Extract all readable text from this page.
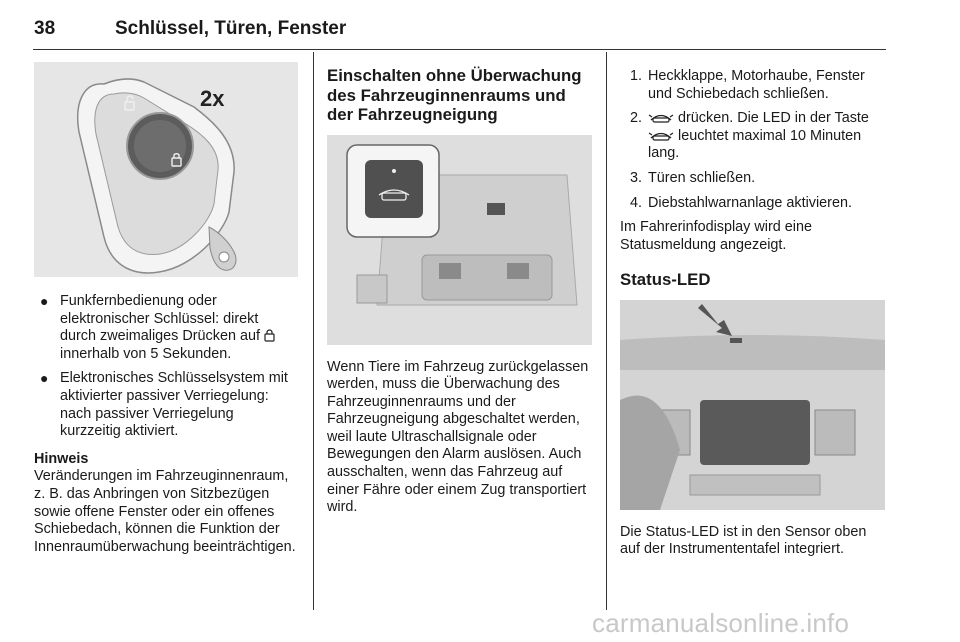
38	Schlüssel, Türen, Fenster
2x
● Funkfernbedienung oder elektronischer Schlüssel: direkt durch zweimaliges Drücken auf  innerhalb von 5 Sekunden.
● Elektronisches Schlüsselsystem mit aktivierter passiver Verriegelung: nach passiver Verriegelung kurzzeitig aktiviert.
Hinweis

Veränderungen im Fahrzeuginnenraum, z. B. das Anbringen von Sitzbezügen sowie offene Fenster oder ein offenes Schiebedach, können die Funktion der Innenraumüberwachung beeinträchtigen.

Einschalten ohne Überwachung des Fahrzeuginnenraums und der Fahrzeugneigung

Wenn Tiere im Fahrzeug zurückgelassen werden, muss die Überwachung des Fahrzeuginnenraums und der Fahrzeugneigung abgeschaltet werden, weil laute Ultraschallsignale oder Bewegungen den Alarm auslösen. Auch ausschalten, wenn das Fahrzeug auf einer Fähre oder einem Zug transportiert wird.

1. Heckklappe, Motorhaube, Fenster und Schiebedach schließen.
2. drücken. Die LED in der Taste  leuchtet maximal 10 Minuten lang.
3. Türen schließen.
4. Diebstahlwarnanlage aktivieren.

Im Fahrerinfodisplay wird eine Statusmeldung angezeigt.

Status-LED

Die Status-LED ist in den Sensor oben auf der Instrumententafel integriert.

carmanualsonline.info
